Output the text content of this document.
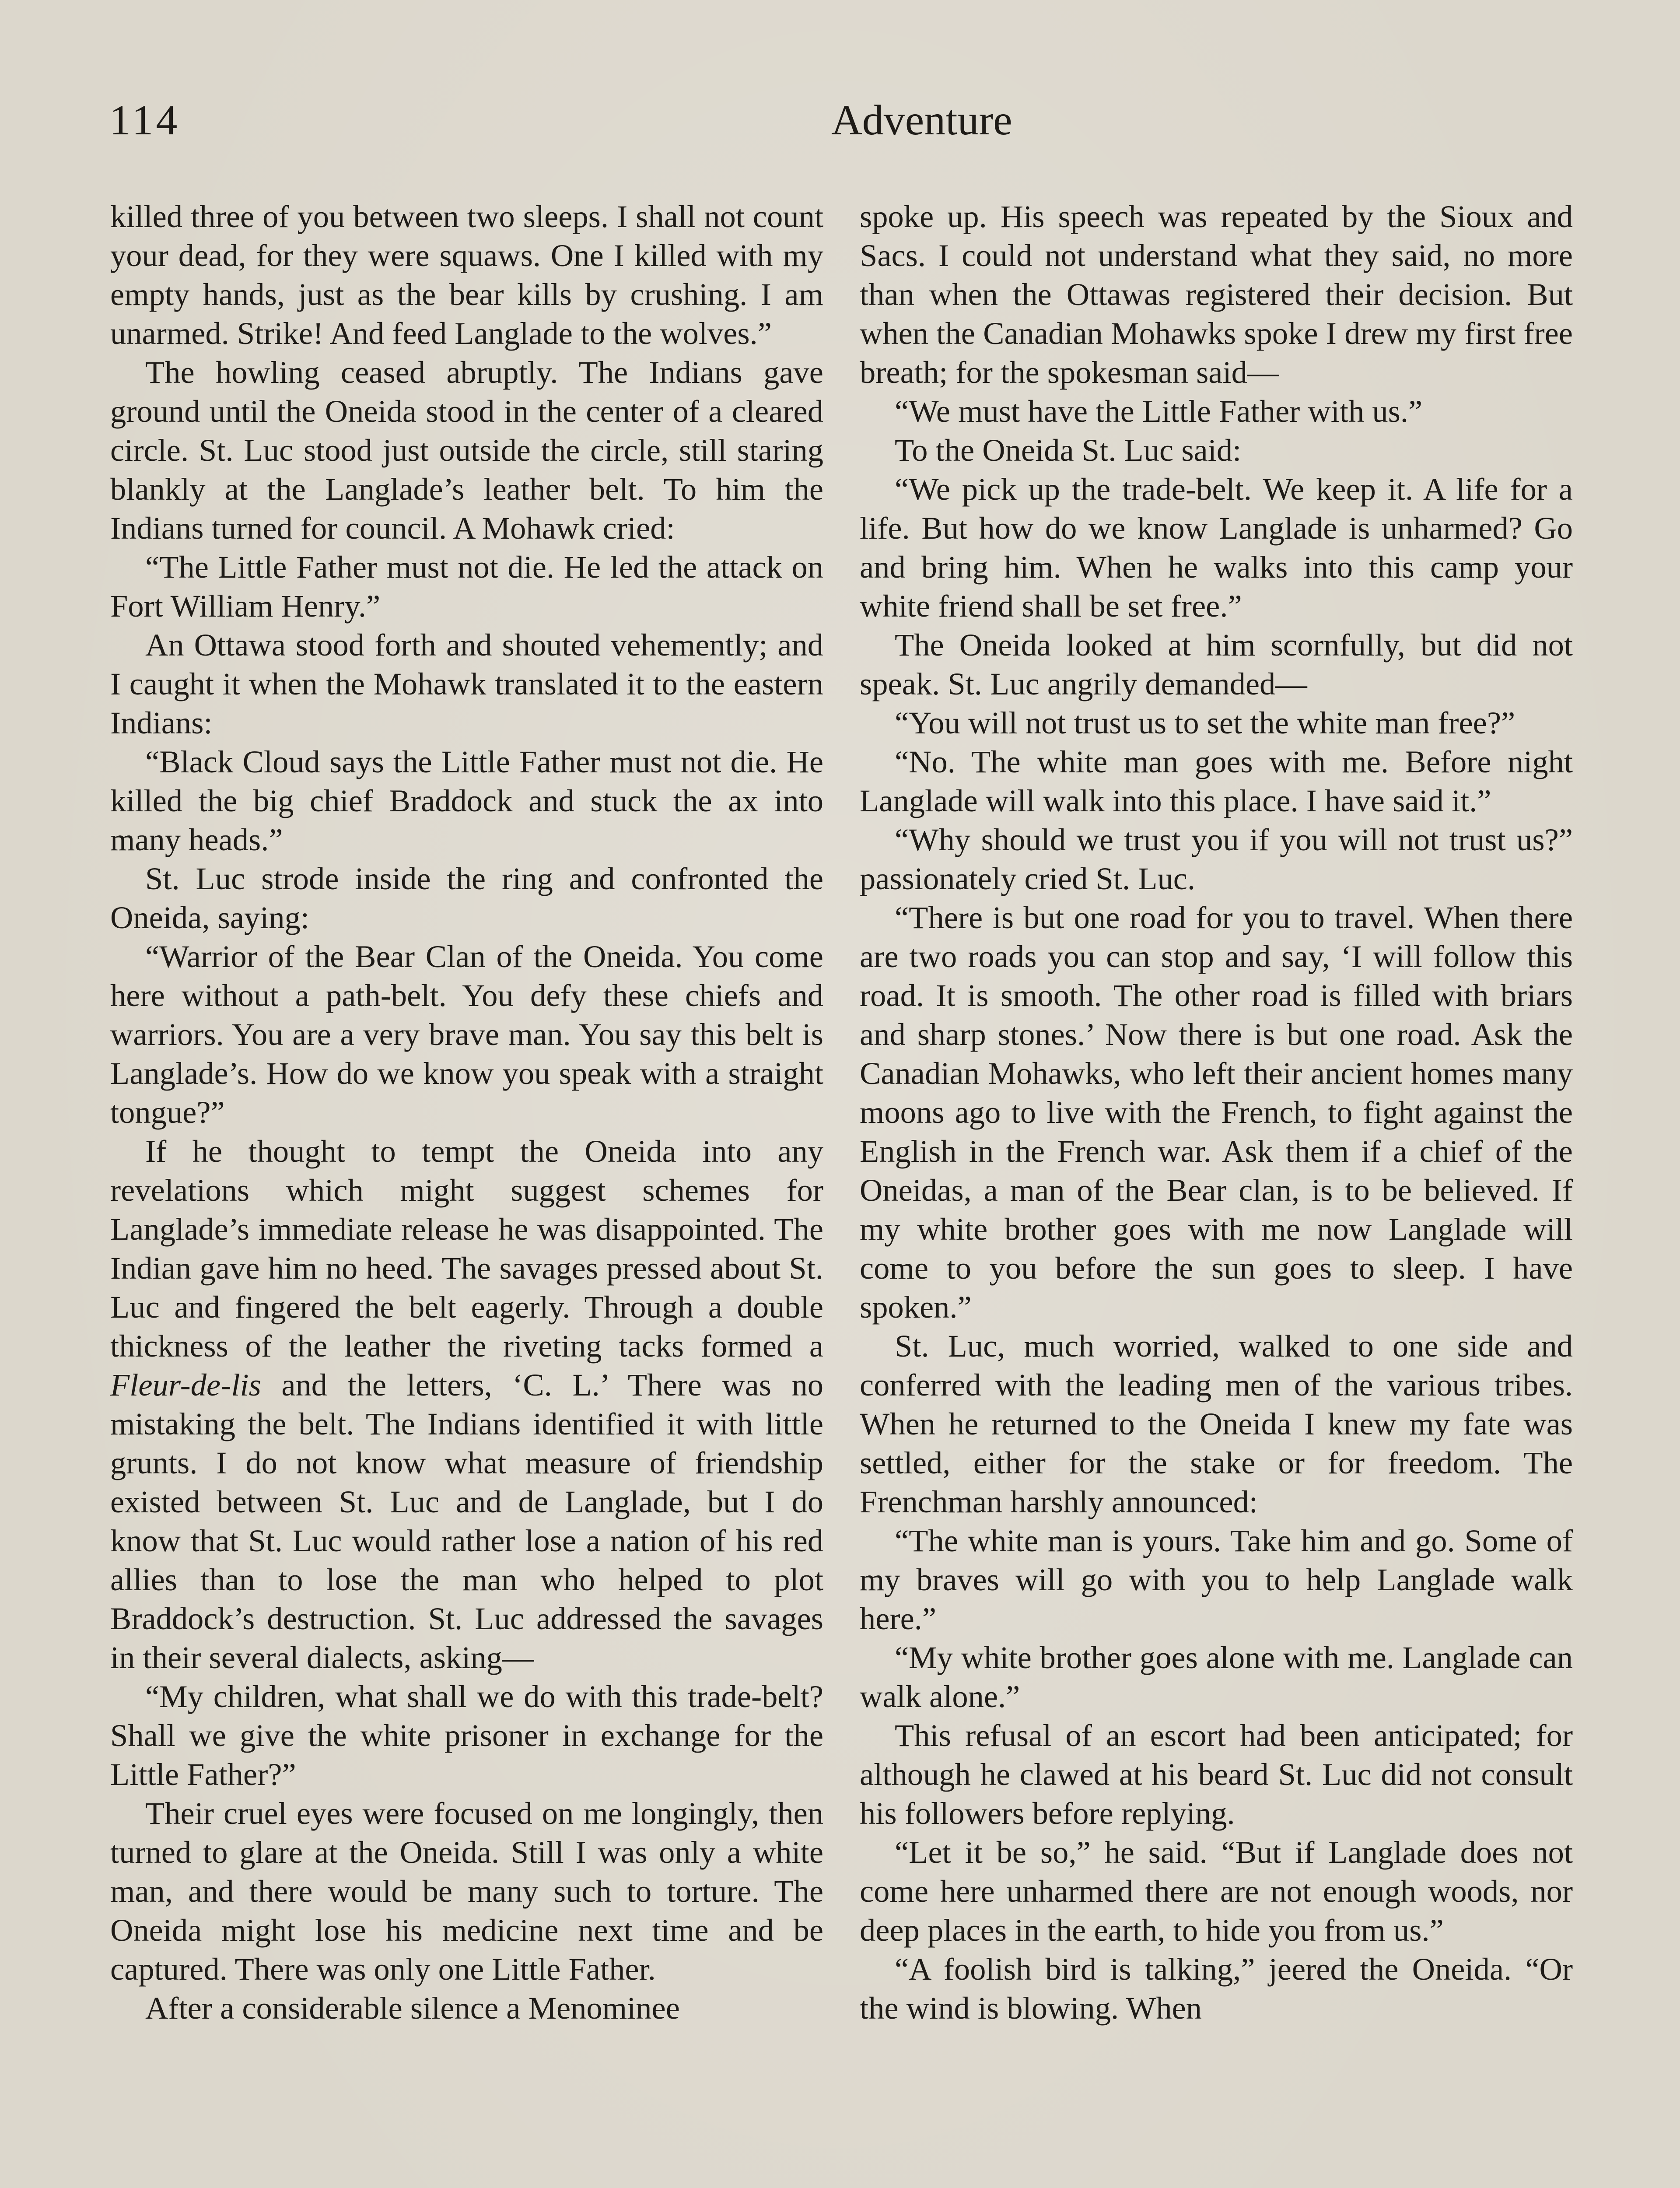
114	Adventure

killed three of you between two sleeps. I shall not count your dead, for they were squaws. One I killed with my empty hands, just as the bear kills by crushing. I am unarmed. Strike! And feed Langlade to the wolves.”

The howling ceased abruptly. The Indians gave ground until the Oneida stood in the center of a cleared circle. St. Luc stood just outside the circle, still staring blankly at the Langlade’s leather belt. To him the Indians turned for council. A Mohawk cried:

“The Little Father must not die. He led the attack on Fort William Henry.”

An Ottawa stood forth and shouted vehemently; and I caught it when the Mohawk translated it to the eastern Indians:

“Black Cloud says the Little Father must not die. He killed the big chief Braddock and stuck the ax into many heads.”

St. Luc strode inside the ring and confronted the Oneida, saying:

“Warrior of the Bear Clan of the Oneida. You come here without a path-belt. You defy these chiefs and warriors. You are a very brave man. You say this belt is Langlade’s. How do we know you speak with a straight tongue?”

If he thought to tempt the Oneida into any revelations which might suggest schemes for Langlade’s immediate release he was disappointed. The Indian gave him no heed. The savages pressed about St. Luc and fingered the belt eagerly. Through a double thickness of the leather the riveting tacks formed a Fleur-de-lis and the letters, ‘C. L.’ There was no mistaking the belt. The Indians identified it with little grunts. I do not know what measure of friendship existed between St. Luc and de Langlade, but I do know that St. Luc would rather lose a nation of his red allies than to lose the man who helped to plot Braddock’s destruction. St. Luc addressed the savages in their several dialects, asking—

“My children, what shall we do with this trade-belt? Shall we give the white prisoner in exchange for the Little Father?”

Their cruel eyes were focused on me longingly, then turned to glare at the Oneida. Still I was only a white man, and there would be many such to torture. The Oneida might lose his medicine next time and be captured. There was only one Little Father.

After a considerable silence a Menominee

spoke up. His speech was repeated by the Sioux and Sacs. I could not understand what they said, no more than when the Ottawas registered their decision. But when the Canadian Mohawks spoke I drew my first free breath; for the spokesman said—

“We must have the Little Father with us.”

To the Oneida St. Luc said:

“We pick up the trade-belt. We keep it. A life for a life. But how do we know Langlade is unharmed? Go and bring him. When he walks into this camp your white friend shall be set free.”

The Oneida looked at him scornfully, but did not speak. St. Luc angrily demanded—

“You will not trust us to set the white man free?”

“No. The white man goes with me. Before night Langlade will walk into this place. I have said it.”

“Why should we trust you if you will not trust us?” passionately cried St. Luc.

“There is but one road for you to travel. When there are two roads you can stop and say, ‘I will follow this road. It is smooth. The other road is filled with briars and sharp stones.’ Now there is but one road. Ask the Canadian Mohawks, who left their ancient homes many moons ago to live with the French, to fight against the English in the French war. Ask them if a chief of the Oneidas, a man of the Bear clan, is to be believed. If my white brother goes with me now Langlade will come to you before the sun goes to sleep. I have spoken.”

St. Luc, much worried, walked to one side and conferred with the leading men of the various tribes. When he returned to the Oneida I knew my fate was settled, either for the stake or for freedom. The Frenchman harshly announced:

“The white man is yours. Take him and go. Some of my braves will go with you to help Langlade walk here.”

“My white brother goes alone with me. Langlade can walk alone.”

This refusal of an escort had been anticipated; for although he clawed at his beard St. Luc did not consult his followers before replying.

“Let it be so,” he said. “But if Langlade does not come here unharmed there are not enough woods, nor deep places in the earth, to hide you from us.”

“A foolish bird is talking,” jeered the Oneida. “Or the wind is blowing. When
